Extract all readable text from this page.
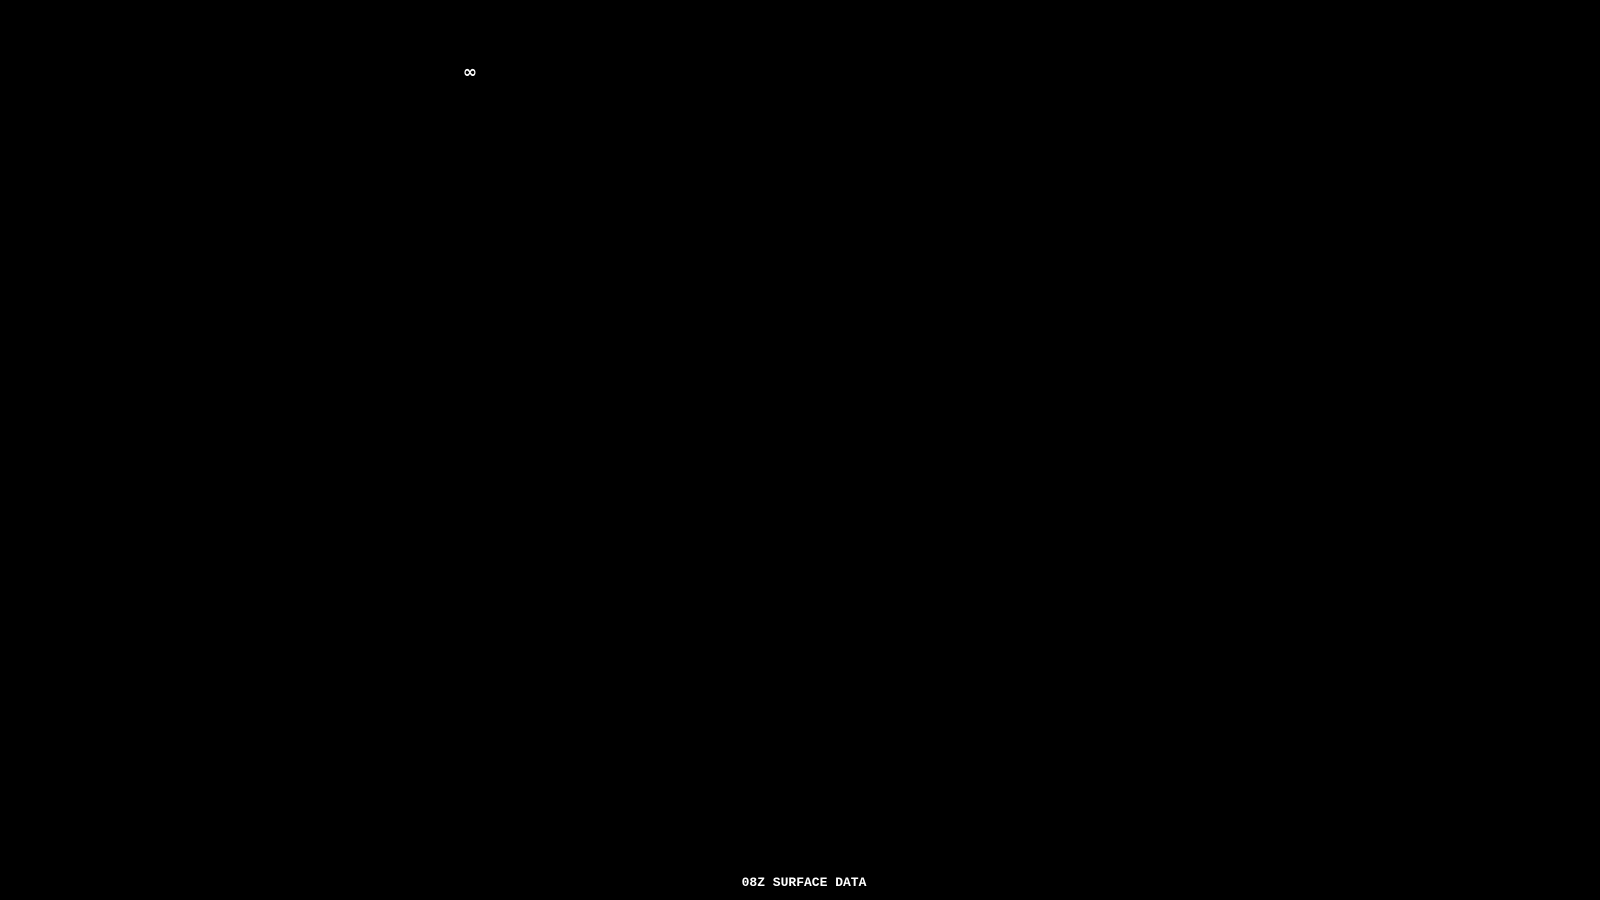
∞
08Z SURFACE DATA
